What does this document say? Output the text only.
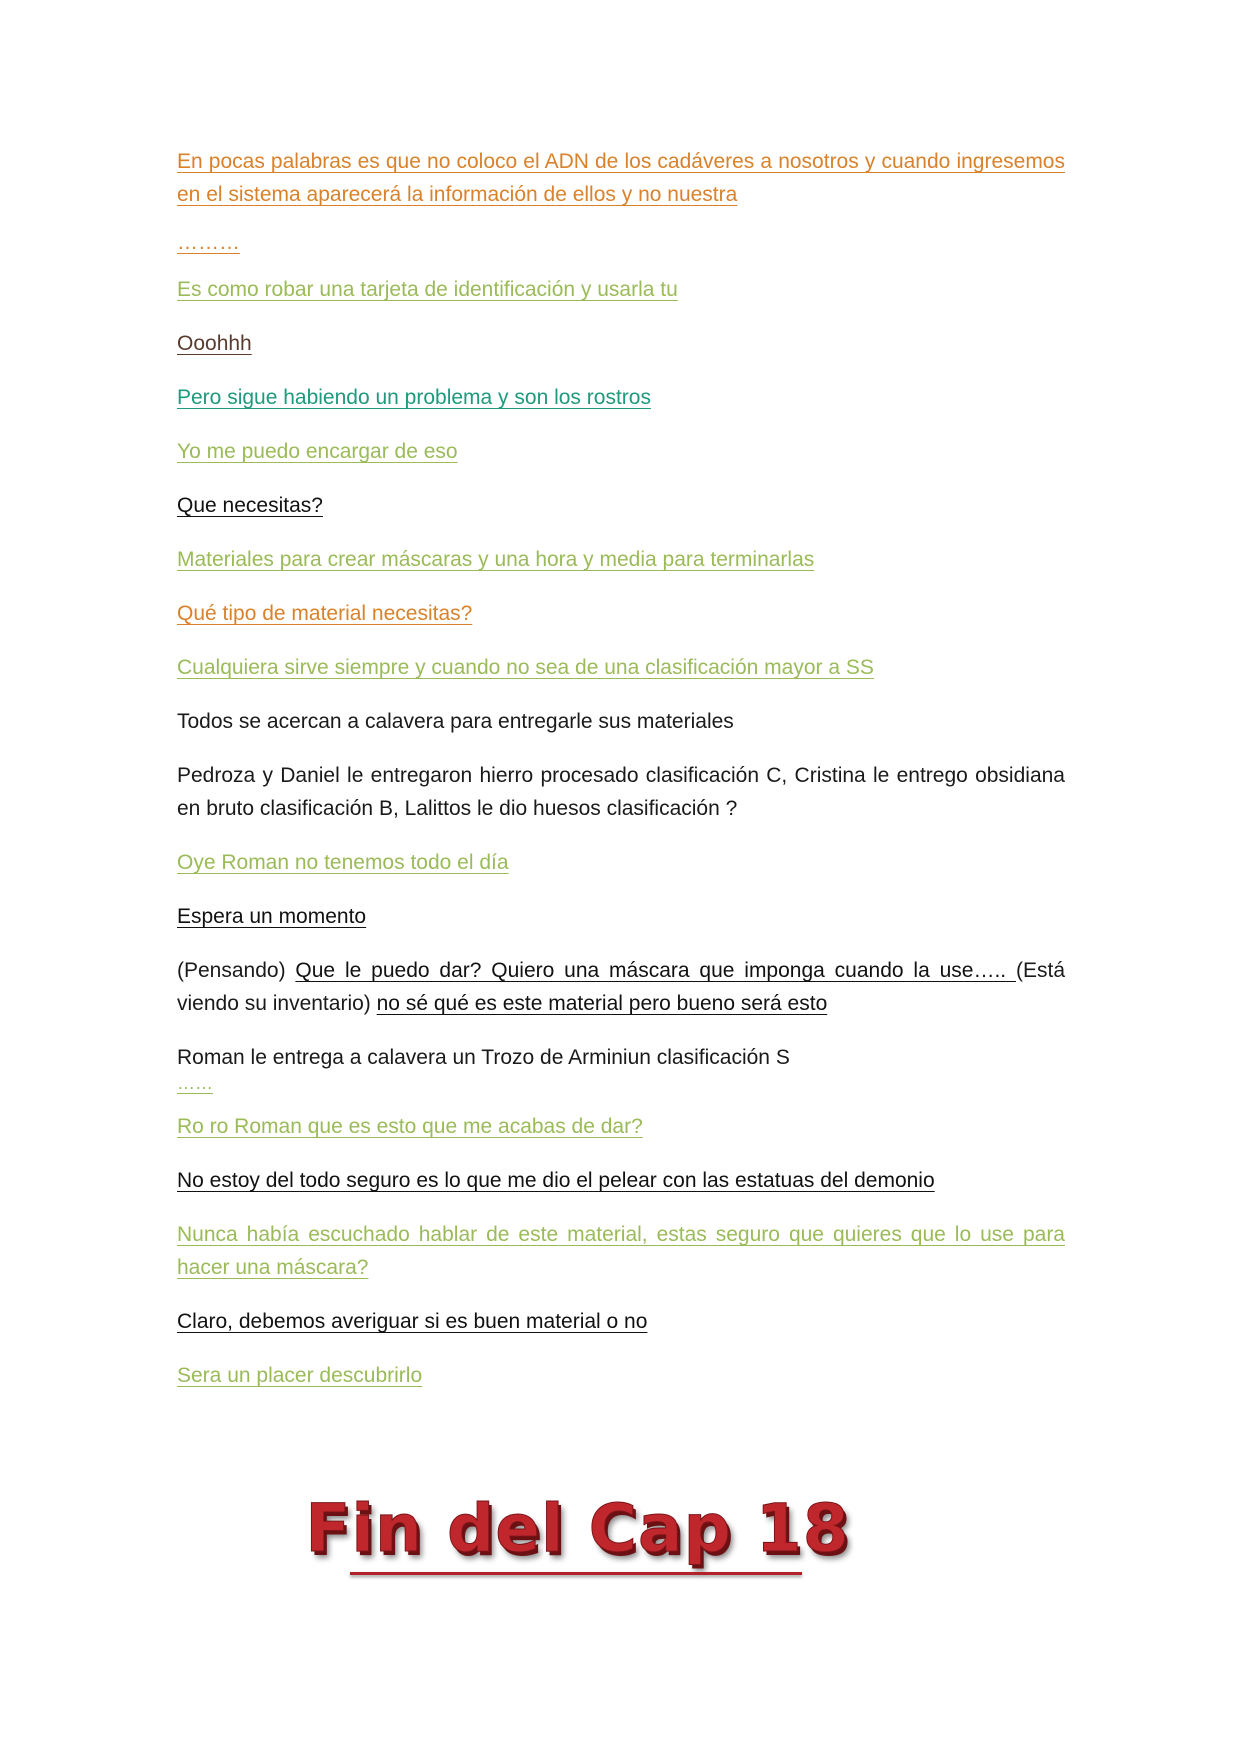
En pocas palabras es que no coloco el ADN de los cadáveres a nosotros y cuando ingresemos en el sistema aparecerá la información de ellos y no nuestra

………

Es como robar una tarjeta de identificación y usarla tu

Ooohhh

Pero sigue habiendo un problema y son los rostros

Yo me puedo encargar de eso

Que necesitas?

Materiales para crear máscaras y una hora y media para terminarlas

Qué tipo de material necesitas?

Cualquiera sirve siempre y cuando no sea de una clasificación mayor a SS

Todos se acercan a calavera para entregarle sus materiales

Pedroza y Daniel le entregaron hierro procesado clasificación C, Cristina le entrego obsidiana en bruto clasificación B, Lalittos le dio huesos clasificación ?

Oye Roman no tenemos todo el día

Espera un momento

(Pensando) Que le puedo dar? Quiero una máscara que imponga cuando la use….. (Está viendo su inventario) no sé qué es este material pero bueno será esto

Roman le entrega a calavera un Trozo de Arminiun clasificación S

……

Ro ro Roman que es esto que me acabas de dar?

No estoy del todo seguro es lo que me dio el pelear con las estatuas del demonio

Nunca había escuchado hablar de este material, estas seguro que quieres que lo use para hacer una máscara?

Claro, debemos averiguar si es buen material o no

Sera un placer descubrirlo

Fin del Cap 18
